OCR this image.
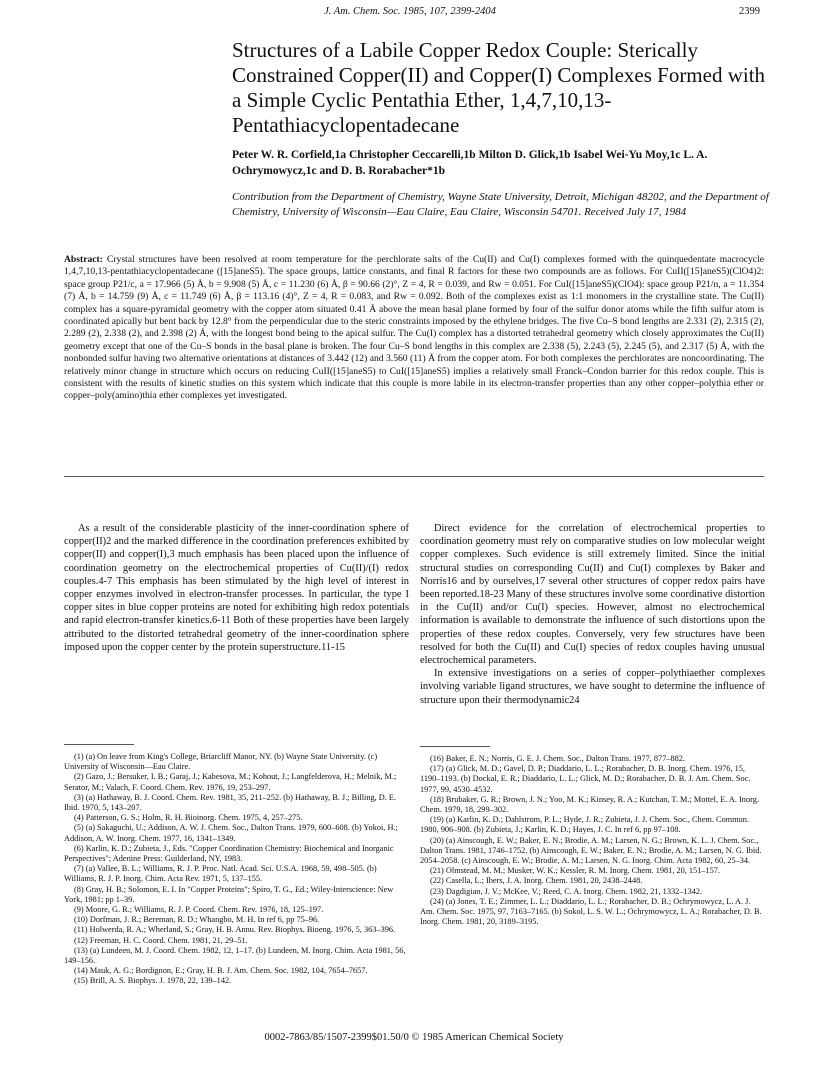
J. Am. Chem. Soc. 1985, 107, 2399-2404	2399
Structures of a Labile Copper Redox Couple: Sterically Constrained Copper(II) and Copper(I) Complexes Formed with a Simple Cyclic Pentathia Ether, 1,4,7,10,13-Pentathiacyclopentadecane

Peter W. R. Corfield,1a Christopher Ceccarelli,1b Milton D. Glick,1b Isabel Wei-Yu Moy,1c L. A. Ochrymowycz,1c and D. B. Rorabacher*1b

Contribution from the Department of Chemistry, Wayne State University, Detroit, Michigan 48202, and the Department of Chemistry, University of Wisconsin—Eau Claire, Eau Claire, Wisconsin 54701. Received July 17, 1984

Abstract: Crystal structures have been resolved at room temperature for the perchlorate salts of the Cu(II) and Cu(I) complexes formed with the quinquedentate macrocycle 1,4,7,10,13-pentathiacyclopentadecane ([15]aneS5). The space groups, lattice constants, and final R factors for these two compounds are as follows. For CuII([15]aneS5)(ClO4)2: space group P21/c, a = 17.966 (5) Å, b = 9.908 (5) Å, c = 11.230 (6) Å, β = 90.66 (2)°, Z = 4, R = 0.039, and Rw = 0.051. For CuI([15]aneS5)(ClO4): space group P21/n, a = 11.354 (7) Å, b = 14.759 (9) Å, c = 11.749 (6) Å, β = 113.16 (4)°, Z = 4, R = 0.083, and Rw = 0.092. Both of the complexes exist as 1:1 monomers in the crystalline state. The Cu(II) complex has a square-pyramidal geometry with the copper atom situated 0.41 Å above the mean basal plane formed by four of the sulfur donor atoms while the fifth sulfur atom is coordinated apically but bent back by 12.8° from the perpendicular due to the steric constraints imposed by the ethylene bridges. The five Cu–S bond lengths are 2.331 (2), 2.315 (2), 2.289 (2), 2.338 (2), and 2.398 (2) Å, with the longest bond being to the apical sulfur. The Cu(I) complex has a distorted tetrahedral geometry which closely approximates the Cu(II) geometry except that one of the Cu–S bonds in the basal plane is broken. The four Cu–S bond lengths in this complex are 2.338 (5), 2.243 (5), 2.245 (5), and 2.317 (5) Å, with the nonbonded sulfur having two alternative orientations at distances of 3.442 (12) and 3.560 (11) Å from the copper atom. For both complexes the perchlorates are noncoordinating. The relatively minor change in structure which occurs on reducing CuII([15]aneS5) to CuI([15]aneS5) implies a relatively small Franck–Condon barrier for this redox couple. This is consistent with the results of kinetic studies on this system which indicate that this couple is more labile in its electron-transfer properties than any other copper–polythia ether or copper–poly(amino)thia ether complexes yet investigated.

As a result of the considerable plasticity of the inner-coordination sphere of copper(II)2 and the marked difference in the coordination preferences exhibited by copper(II) and copper(I),3 much emphasis has been placed upon the influence of coordination geometry on the electrochemical properties of Cu(II)/(I) redox couples.4-7 This emphasis has been stimulated by the high level of interest in copper enzymes involved in electron-transfer processes. In particular, the type I copper sites in blue copper proteins are noted for exhibiting high redox potentials and rapid electron-transfer kinetics.6-11 Both of these properties have been largely attributed to the distorted tetrahedral geometry of the inner-coordination sphere imposed upon the copper center by the protein superstructure.11-15

Direct evidence for the correlation of electrochemical properties to coordination geometry must rely on comparative studies on low molecular weight copper complexes. Such evidence is still extremely limited. Since the initial structural studies on corresponding Cu(II) and Cu(I) complexes by Baker and Norris16 and by ourselves,17 several other structures of copper redox pairs have been reported.18-23 Many of these structures involve some coordinative distortion in the Cu(II) and/or Cu(I) species. However, almost no electrochemical information is available to demonstrate the influence of such distortions upon the properties of these redox couples. Conversely, very few structures have been resolved for both the Cu(II) and Cu(I) species of redox couples having unusual electrochemical parameters.

In extensive investigations on a series of copper–polythiaether complexes involving variable ligand structures, we have sought to determine the influence of structure upon their thermodynamic24

(1) (a) On leave from King's College, Briarcliff Manor, NY. (b) Wayne State University. (c) University of Wisconsin—Eau Claire.
(2) Gazo, J.; Bersuker, I. B.; Garaj, J.; Kabesova, M.; Kohout, J.; Langfelderova, H.; Melnik, M.; Serator, M.; Valach, F. Coord. Chem. Rev. 1976, 19, 253–297.
(3) (a) Hathaway, B. J. Coord. Chem. Rev. 1981, 35, 211–252. (b) Hathaway, B. J.; Billing, D. E. Ibid. 1970, 5, 143–207.
(4) Patterson, G. S.; Holm, R. H. Bioinorg. Chem. 1975, 4, 257–275.
(5) (a) Sakaguchi, U.; Addison, A. W. J. Chem. Soc., Dalton Trans. 1979, 600–608. (b) Yokoi, H.; Addison, A. W. Inorg. Chem. 1977, 16, 1341–1349.
(6) Karlin, K. D.; Zubieta, J., Eds. "Copper Coordination Chemistry: Biochemical and Inorganic Perspectives"; Adenine Press: Guilderland, NY, 1983.
(7) (a) Vallee, B. L.; Williams, R. J. P. Proc. Natl. Acad. Sci. U.S.A. 1968, 59, 498–505. (b) Williams, R. J. P. Inorg. Chim. Acta Rev. 1971, 5, 137–155.
(8) Gray, H. B.; Solomon, E. I. In "Copper Proteins"; Spiro, T. G., Ed.; Wiley-Interscience: New York, 1981; pp 1–39.
(9) Moore, G. R.; Williams, R. J. P. Coord. Chem. Rev. 1976, 18, 125–197.
(10) Dorfman, J. R.; Bereman, R. D.; Whangbo, M. H. In ref 6, pp 75–96.
(11) Holwerda, R. A.; Wherland, S.; Gray, H. B. Annu. Rev. Biophys. Bioeng. 1976, 5, 363–396.
(12) Freeman, H. C. Coord. Chem. 1981, 21, 29–51.
(13) (a) Lundeen, M. J. Coord. Chem. 1982, 12, 1–17. (b) Lundeen, M. Inorg. Chim. Acta 1981, 56, 149–156.
(14) Mauk, A. G.; Bordignon, E.; Gray, H. B. J. Am. Chem. Soc. 1982, 104, 7654–7657.
(15) Brill, A. S. Biophys. J. 1978, 22, 139–142.
(16) Baker, E. N.; Norris, G. E. J. Chem. Soc., Dalton Trans. 1977, 877–882.
(17) (a) Glick, M. D.; Gavel, D. P.; Diaddario, L. L.; Rorabacher, D. B. Inorg. Chem. 1976, 15, 1190–1193. (b) Dockal, E. R.; Diaddario, L. L.; Glick, M. D.; Rorabacher, D. B. J. Am. Chem. Soc. 1977, 99, 4530–4532.
(18) Brubaker, G. R.; Brown, J. N.; Yoo, M. K.; Kinsey, R. A.; Kutchan, T. M.; Mottel, E. A. Inorg. Chem. 1979, 18, 299–302.
(19) (a) Karlin, K. D.; Dahlstrom, P. L.; Hyde, J. R.; Zubieta, J. J. Chem. Soc., Chem. Commun. 1980, 906–908. (b) Zubieta, J.; Karlin, K. D.; Hayes, J. C. In ref 6, pp 97–108.
(20) (a) Ainscough, E. W.; Baker, E. N.; Brodie, A. M.; Larsen, N. G.; Brown, K. L. J. Chem. Soc., Dalton Trans. 1981, 1746–1752. (b) Ainscough, E. W.; Baker, E. N.; Brodie, A. M.; Larsen, N. G. Ibid. 2054–2058. (c) Ainscough, E. W.; Brodie, A. M.; Larsen, N. G. Inorg. Chim. Acta 1982, 60, 25–34.
(21) Olmstead, M. M.; Musker, W. K.; Kessler, R. M. Inorg. Chem. 1981, 20, 151–157.
(22) Casella, L.; Ibers, J. A. Inorg. Chem. 1981, 20, 2438–2448.
(23) Dagdigian, J. V.; McKee, V.; Reed, C. A. Inorg. Chem. 1982, 21, 1332–1342.
(24) (a) Jones, T. E.; Zimmer, L. L.; Diaddario, L. L.; Rorabacher, D. B.; Ochrymowycz, L. A. J. Am. Chem. Soc. 1975, 97, 7163–7165. (b) Sokol, L. S. W. L.; Ochrymowycz, L. A.; Rorabacher, D. B. Inorg. Chem. 1981, 20, 3189–3195.
0002-7863/85/1507-2399$01.50/0 © 1985 American Chemical Society
